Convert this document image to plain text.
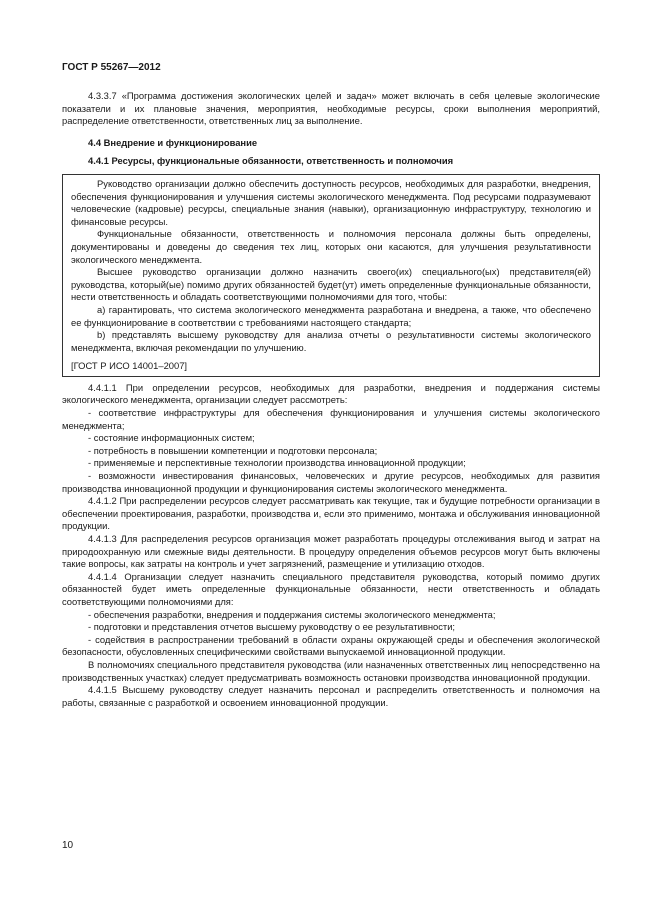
ГОСТ Р 55267—2012

4.3.3.7 «Программа достижения экологических целей и задач» может включать в себя целевые экологические показатели и их плановые значения, мероприятия, необходимые ресурсы, сроки выполнения мероприятий, распределение ответственности, ответственных лиц за выполнение.

4.4 Внедрение и функционирование

4.4.1 Ресурсы, функциональные обязанности, ответственность и полномочия

Руководство организации должно обеспечить доступность ресурсов, необходимых для разработки, внедрения, обеспечения функционирования и улучшения системы экологического менеджмента. Под ресурсами подразумевают человеческие (кадровые) ресурсы, специальные знания (навыки), организационную инфраструктуру, технологию и финансовые ресурсы.

Функциональные обязанности, ответственность и полномочия персонала должны быть определены, документированы и доведены до сведения тех лиц, которых они касаются, для улучшения результативности экологического менеджмента.

Высшее руководство организации должно назначить своего(их) специального(ых) представителя(ей) руководства, который(ые) помимо других обязанностей будет(ут) иметь определенные функциональные обязанности, нести ответственность и обладать соответствующими полномочиями для того, чтобы:

a) гарантировать, что система экологического менеджмента разработана и внедрена, а также, что обеспечено ее функционирование в соответствии с требованиями настоящего стандарта;

b) представлять высшему руководству для анализа отчеты о результативности системы экологического менеджмента, включая рекомендации по улучшению.

[ГОСТ Р ИСО 14001–2007]

4.4.1.1 При определении ресурсов, необходимых для разработки, внедрения и поддержания системы экологического менеджмента, организации следует рассмотреть:

- соответствие инфраструктуры для обеспечения функционирования и улучшения системы экологического менеджмента;

- состояние информационных систем;

- потребность в повышении компетенции и подготовки персонала;

- применяемые и перспективные технологии производства инновационной продукции;

- возможности инвестирования финансовых, человеческих и другие ресурсов, необходимых для развития производства инновационной продукции и функционирования системы экологического менеджмента.

4.4.1.2 При распределении ресурсов следует рассматривать как текущие, так и будущие потребности организации в обеспечении проектирования, разработки, производства и, если это применимо, монтажа и обслуживания инновационной продукции.

4.4.1.3 Для распределения ресурсов организация может разработать процедуры отслеживания выгод и затрат на природоохранную или смежные виды деятельности. В процедуру определения объемов ресурсов могут быть включены такие вопросы, как затраты на контроль и учет загрязнений, размещение и утилизацию отходов.

4.4.1.4 Организации следует назначить специального представителя руководства, который помимо других обязанностей будет иметь определенные функциональные обязанности, нести ответственность и обладать соответствующими полномочиями для:

- обеспечения разработки, внедрения и поддержания системы экологического менеджмента;

- подготовки и представления отчетов высшему руководству о ее результативности;

- содействия в распространении требований в области охраны окружающей среды и обеспечения экологической безопасности, обусловленных специфическими свойствами выпускаемой инновационной продукции.

В полномочиях специального представителя руководства (или назначенных ответственных лиц непосредственно на производственных участках) следует предусматривать возможность остановки производства инновационной продукции.

4.4.1.5 Высшему руководству следует назначить персонал и распределить ответственность и полномочия на работы, связанные с разработкой и освоением инновационной продукции.

10
